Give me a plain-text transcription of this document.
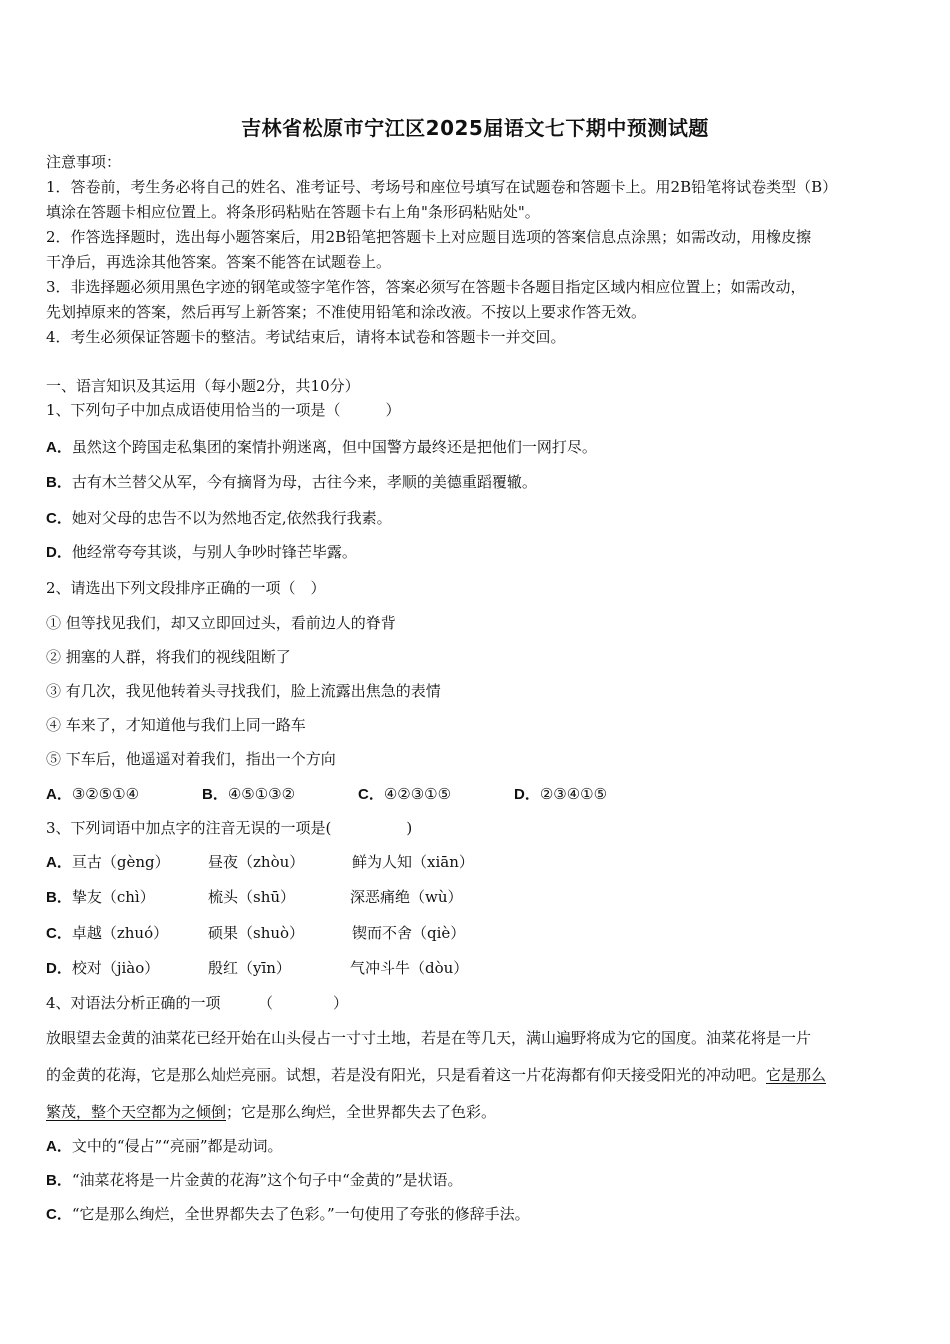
吉林省松原市宁江区2025届语文七下期中预测试题
注意事项：
1．答卷前，考生务必将自己的姓名、准考证号、考场号和座位号填写在试题卷和答题卡上。用2B铅笔将试卷类型（B）
填涂在答题卡相应位置上。将条形码粘贴在答题卡右上角"条形码粘贴处"。
2．作答选择题时，选出每小题答案后，用2B铅笔把答题卡上对应题目选项的答案信息点涂黑；如需改动，用橡皮擦
干净后，再选涂其他答案。答案不能答在试题卷上。
3．非选择题必须用黑色字迹的钢笔或签字笔作答，答案必须写在答题卡各题目指定区域内相应位置上；如需改动，
先划掉原来的答案，然后再写上新答案；不准使用铅笔和涂改液。不按以上要求作答无效。
4．考生必须保证答题卡的整洁。考试结束后，请将本试卷和答题卡一并交回。
一、语言知识及其运用（每小题2分，共10分）
1、下列句子中加点成语使用恰当的一项是（　　　）
A．虽然这个跨国走私集团的案情扑朔迷离，但中国警方最终还是把他们一网打尽。
B．古有木兰替父从军，今有摘肾为母，古往今来，孝顺的美德重蹈覆辙。
C．她对父母的忠告不以为然地否定,依然我行我素。
D．他经常夸夸其谈，与别人争吵时锋芒毕露。
2、请选出下列文段排序正确的一项（　）
① 但等找见我们，却又立即回过头，看前边人的脊背
② 拥塞的人群，将我们的视线阻断了
③ 有几次，我见他转着头寻找我们，脸上流露出焦急的表情
④ 车来了，才知道他与我们上同一路车
⑤ 下车后，他遥遥对着我们，指出一个方向
A．③②⑤①④	B．④⑤①③②	C．④②③①⑤	D．②③④①⑤
3、下列词语中加点字的注音无误的一项是(　　　　　)
A．亘古（gèng）	昼夜（zhòu）	鲜为人知（xiān）
B．挚友（chì）	梳头（shū）	深恶痛绝（wù）
C．卓越（zhuó）	硕果（shuò）	锲而不舍（qiè）
D．校对（jiào）	殷红（yīn）	气冲斗牛（dòu）
4、对语法分析正确的一项　　　（　　　　）
放眼望去金黄的油菜花已经开始在山头侵占一寸寸土地，若是在等几天，满山遍野将成为它的国度。油菜花将是一片
的金黄的花海，它是那么灿烂亮丽。试想，若是没有阳光，只是看着这一片花海都有仰天接受阳光的冲动吧。它是那么
繁茂，整个天空都为之倾倒；它是那么绚烂，全世界都失去了色彩。
A．文中的“侵占”“亮丽”都是动词。
B．“油菜花将是一片金黄的花海”这个句子中“金黄的”是状语。
C．“它是那么绚烂，全世界都失去了色彩。”一句使用了夸张的修辞手法。
